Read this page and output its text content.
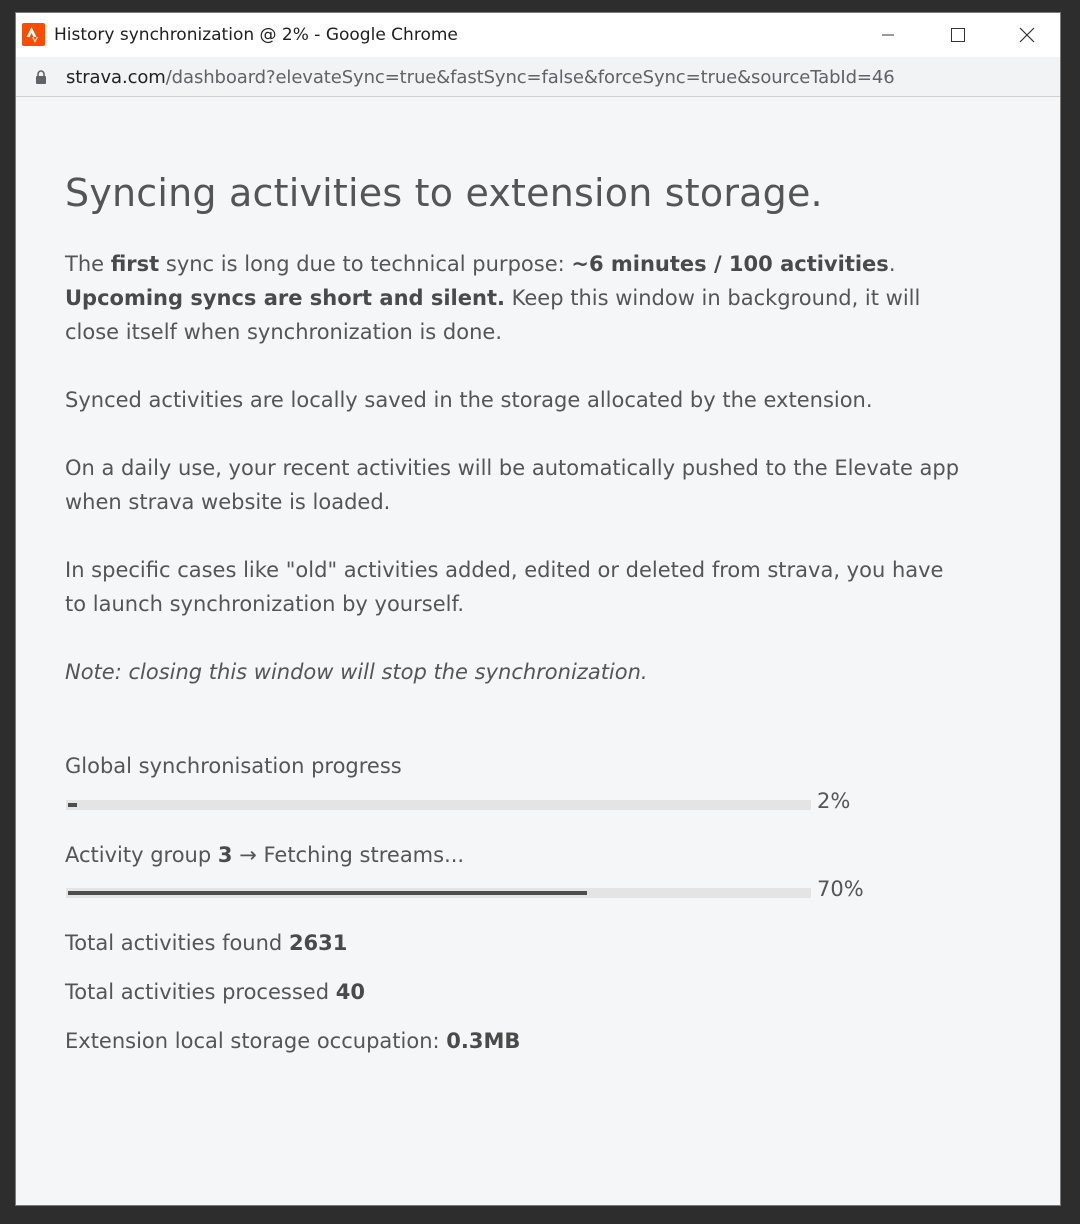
History synchronization @ 2% - Google Chrome
strava.com/dashboard?elevateSync=true&fastSync=false&forceSync=true&sourceTabId=46
Syncing activities to extension storage.

The first sync is long due to technical purpose: ~6 minutes / 100 activities.
Upcoming syncs are short and silent. Keep this window in background, it will close itself when synchronization is done.

Synced activities are locally saved in the storage allocated by the extension.

On a daily use, your recent activities will be automatically pushed to the Elevate app when strava website is loaded.

In specific cases like "old" activities added, edited or deleted from strava, you have to launch synchronization by yourself.

Note: closing this window will stop the synchronization.

Global synchronisation progress
2%
Activity group 3 → Fetching streams...
70%
Total activities found 2631
Total activities processed 40
Extension local storage occupation: 0.3MB
